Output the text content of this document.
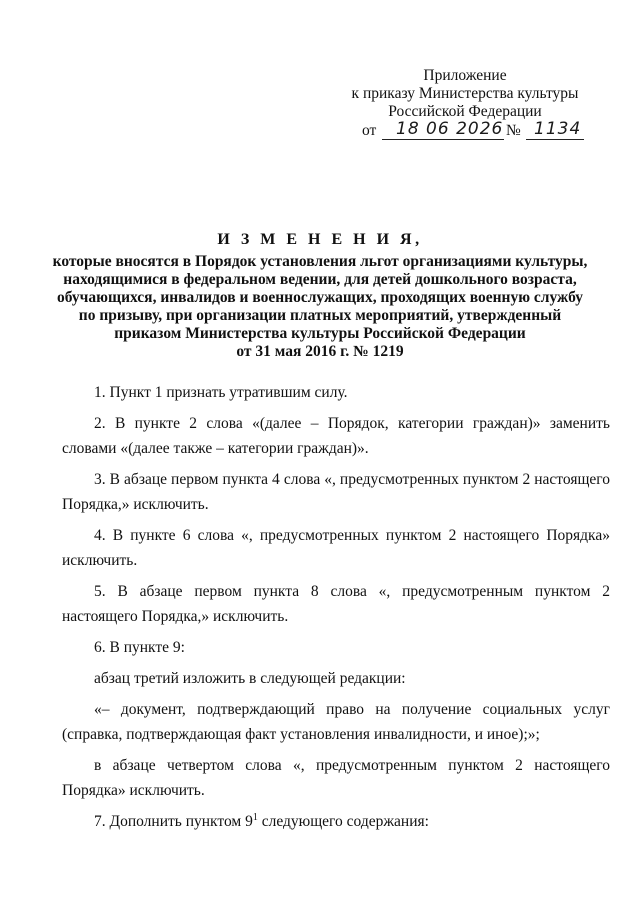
Приложение
к приказу Министерства культуры
Российской Федерации
от 18 06 2026 № 1134
И З М Е Н Е Н И Я,
которые вносятся в Порядок установления льгот организациями культуры,
находящимися в федеральном ведении, для детей дошкольного возраста,
обучающихся, инвалидов и военнослужащих, проходящих военную службу
по призыву, при организации платных мероприятий, утвержденный
приказом Министерства культуры Российской Федерации
от 31 мая 2016 г. № 1219

1. Пункт 1 признать утратившим силу.

2. В пункте 2 слова «(далее – Порядок, категории граждан)» заменить словами «(далее также – категории граждан)».

3. В абзаце первом пункта 4 слова «, предусмотренных пунктом 2 настоящего Порядка,» исключить.

4. В пункте 6 слова «, предусмотренных пунктом 2 настоящего Порядка» исключить.

5. В абзаце первом пункта 8 слова «, предусмотренным пунктом 2 настоящего Порядка,» исключить.

6. В пункте 9:

абзац третий изложить в следующей редакции:

«– документ, подтверждающий право на получение социальных услуг (справка, подтверждающая факт установления инвалидности, и иное);»;

в абзаце четвертом слова «, предусмотренным пунктом 2 настоящего Порядка» исключить.

7. Дополнить пунктом $9^1$ следующего содержания:
